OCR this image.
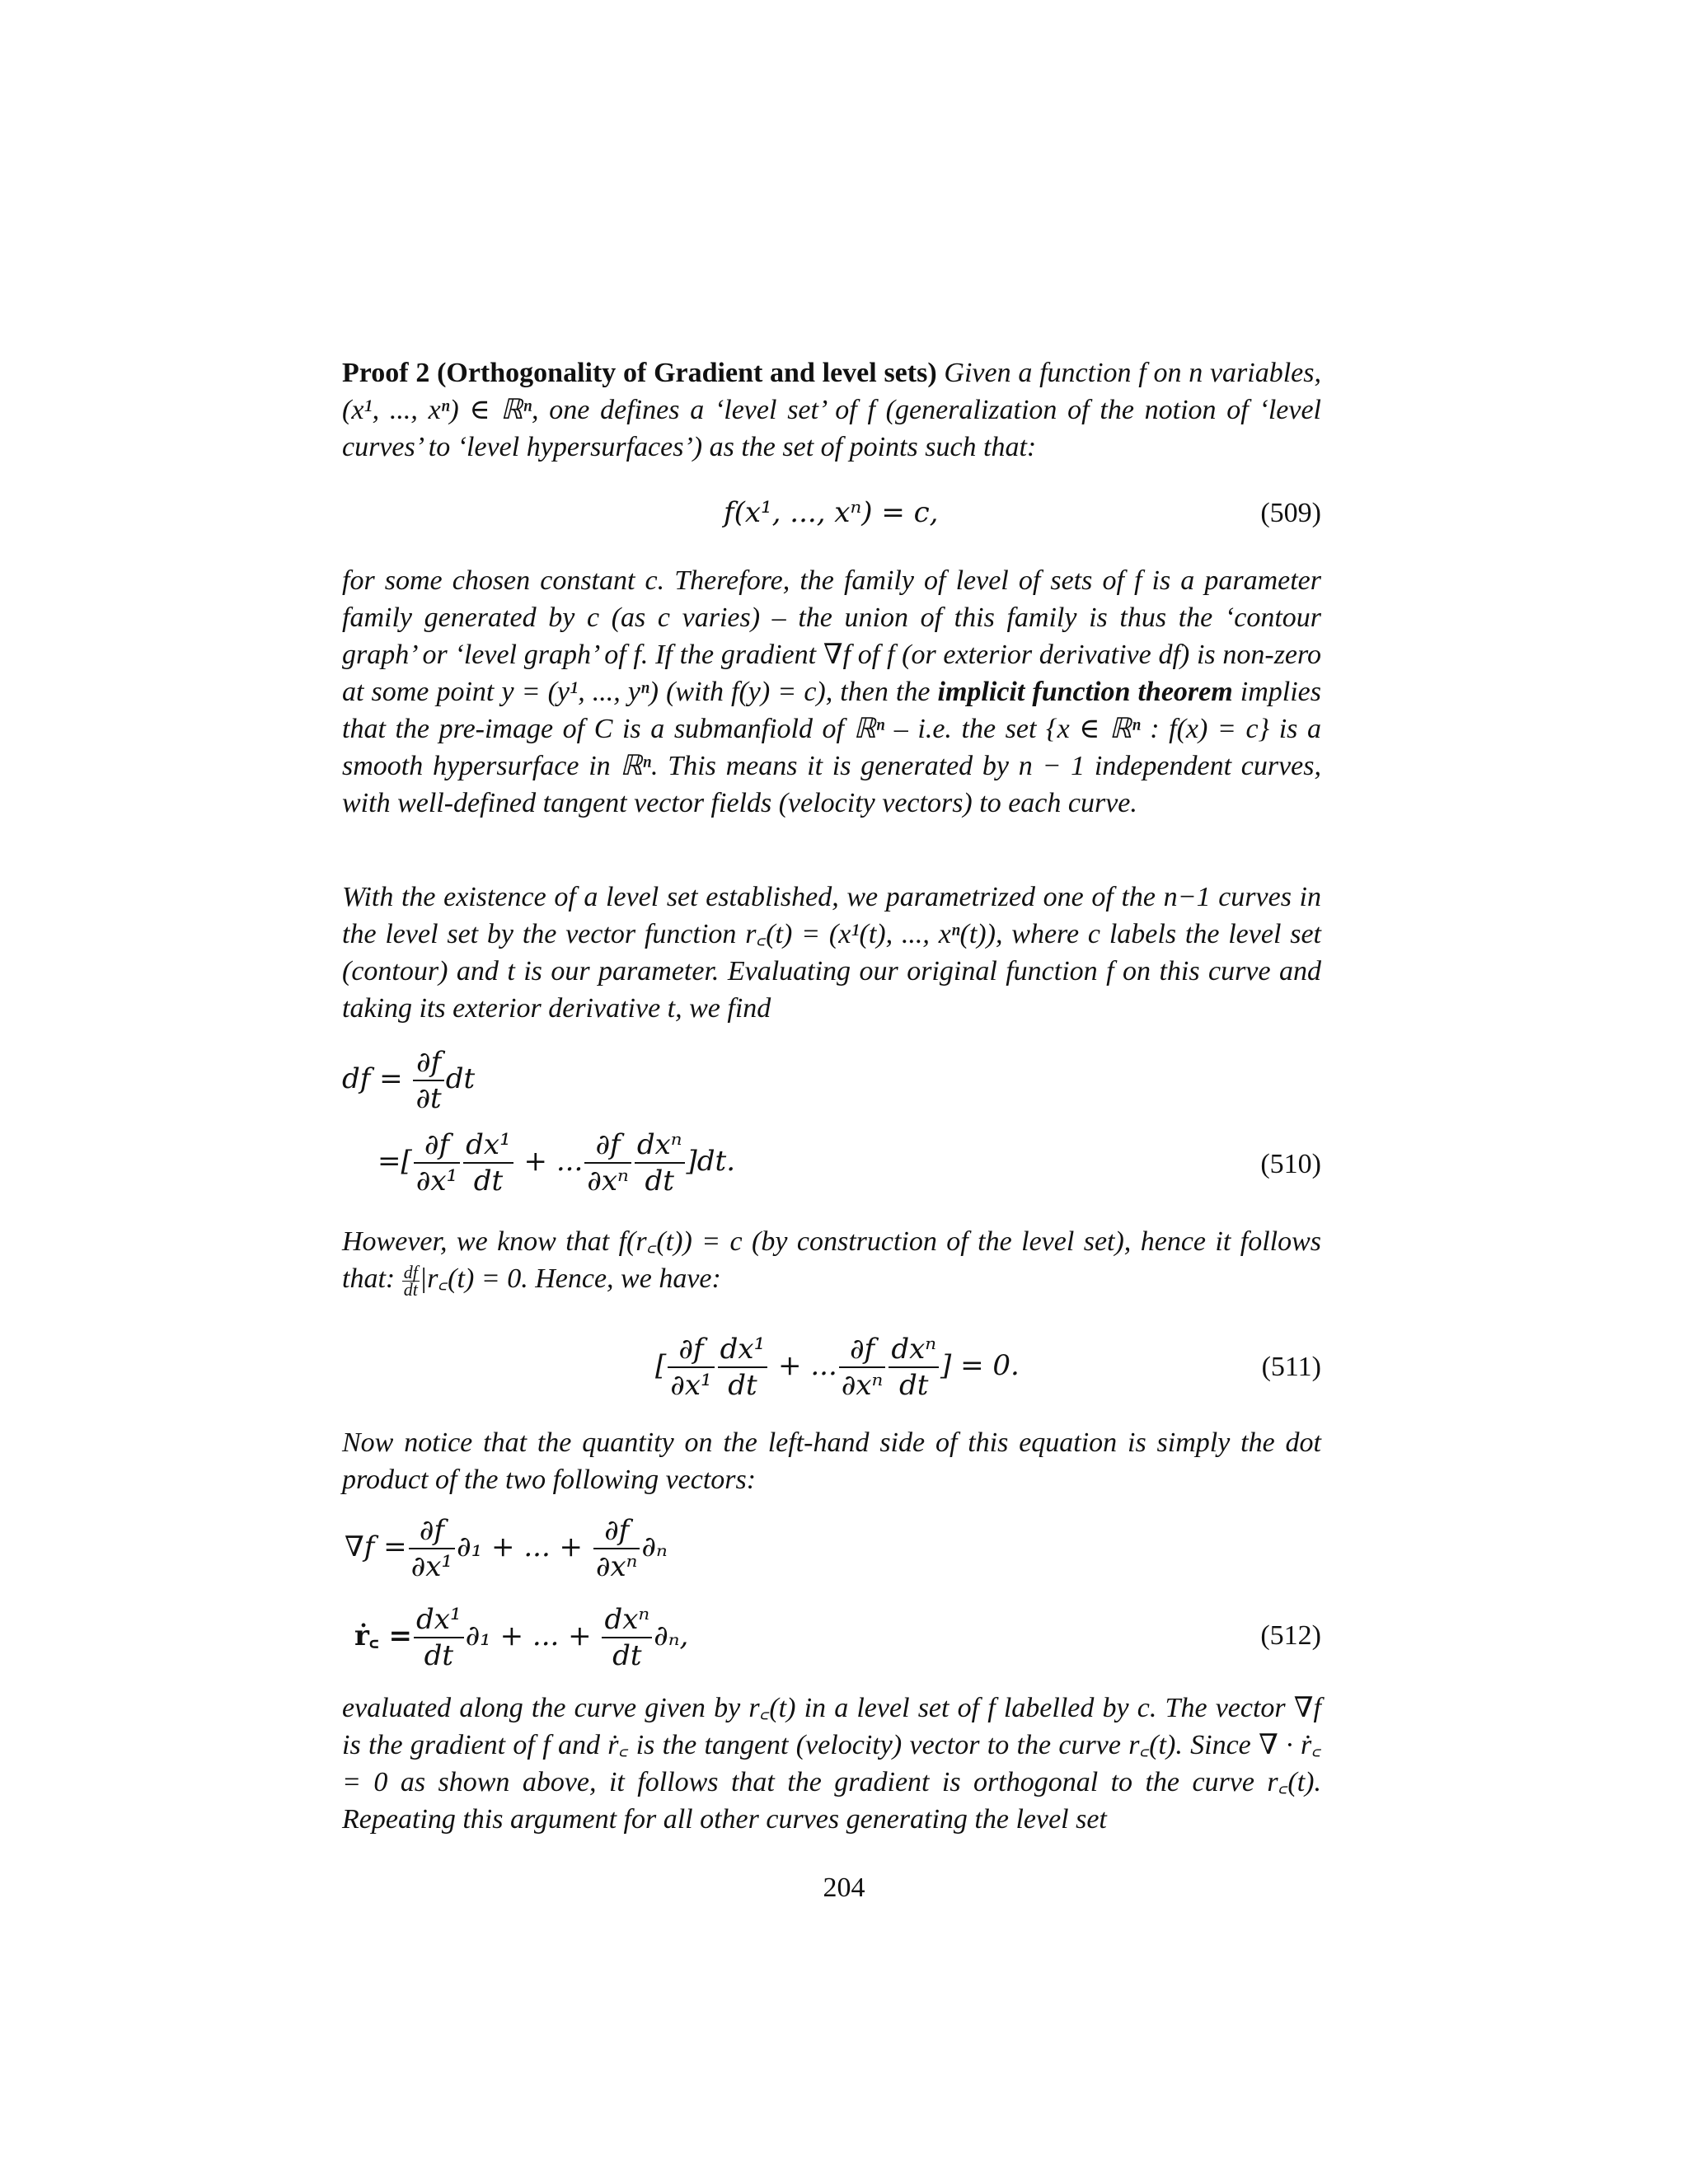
Proof 2 (Orthogonality of Gradient and level sets) Given a function f on n variables, (x¹, ..., xⁿ) ∈ ℝⁿ, one defines a ‘level set’ of f (generalization of the notion of ‘level curves’ to ‘level hypersurfaces’) as the set of points such that:

f(x¹, ..., xⁿ) = c,	(509)

for some chosen constant c. Therefore, the family of level of sets of f is a parameter family generated by c (as c varies) – the union of this family is thus the ‘contour graph’ or ‘level graph’ of f. If the gradient ∇f of f (or exterior derivative df) is non-zero at some point y = (y¹, ..., yⁿ) (with f(y) = c), then the implicit function theorem implies that the pre-image of C is a submanfiold of ℝⁿ – i.e. the set {x ∈ ℝⁿ : f(x) = c} is a smooth hypersurface in ℝⁿ. This means it is generated by n − 1 independent curves, with well-defined tangent vector fields (velocity vectors) to each curve.

With the existence of a level set established, we parametrized one of the n−1 curves in the level set by the vector function r꜀(t) = (x¹(t), ..., xⁿ(t)), where c labels the level set (contour) and t is our parameter. Evaluating our original function f on this curve and taking its exterior derivative t, we find

df = $\frac{\partial f}{\partial t}$ dt
=[ $\frac{\partial f}{\text{∂x¹}} \frac{\text{dx¹}}{dt}$ + ... $\frac{\partial f}{\text{∂xⁿ}} \frac{\text{dxⁿ}}{dt} ]dt$.	(510)

However, we know that f(r꜀(t)) = c (by construction of the level set), hence it follows that: $\frac{df}{dt}$ |r꜀(t) = 0. Hence, we have:

[ $\frac{\partial f}{\text{∂x¹}} \frac{\text{dx¹}}{dt}$ + ... $\frac{\partial f}{\text{∂xⁿ}} \frac{\text{dxⁿ}}{dt}$ ] = 0.	(511)

Now notice that the quantity on the left-hand side of this equation is simply the dot product of the two following vectors:

$\nabla f = \frac{\partial f}{\text{∂x¹}} \partial_1$ + ... + $\frac{\partial f}{\text{∂xⁿ}} \partial_n$
ṙ꜀ = $\frac{\text{dx¹}}{dt} \partial_1$ + ... + $\frac{\text{dxⁿ}}{dt} \partial_n$,	(512)

evaluated along the curve given by r꜀(t) in a level set of f labelled by c. The vector ∇f is the gradient of f and ṙ꜀ is the tangent (velocity) vector to the curve r꜀(t). Since ∇ · ṙ꜀ = 0 as shown above, it follows that the gradient is orthogonal to the curve r꜀(t). Repeating this argument for all other curves generating the level set

204
